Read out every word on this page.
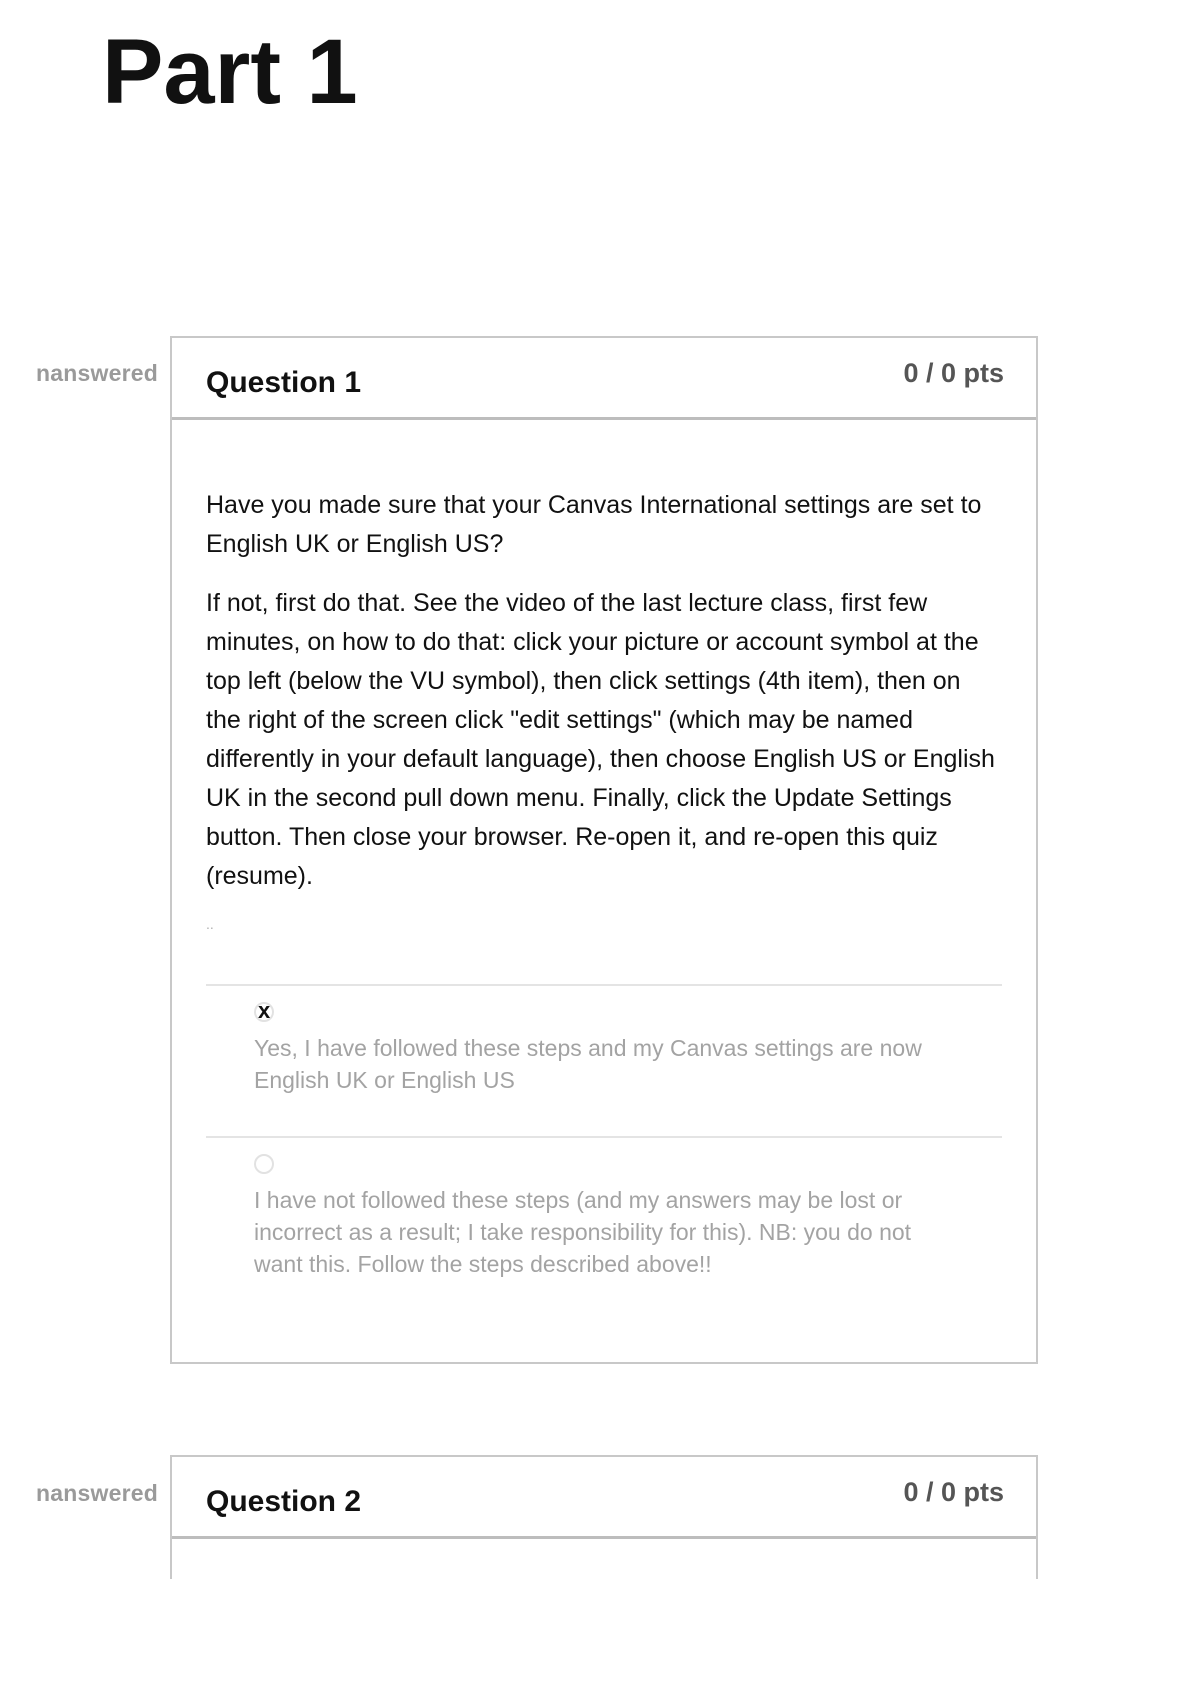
Part 1
nanswered Question 1	0 / 0 pts

Have you made sure that your Canvas International settings are set to English UK or English US?

If not, first do that. See the video of the last lecture class, first few minutes, on how to do that: click your picture or account symbol at the top left (below the VU symbol), then click settings (4th item), then on the right of the screen click "edit settings" (which may be named differently in your default language), then choose English US or English UK in the second pull down menu. Finally, click the Update Settings button. Then close your browser. Re-open it, and re-open this quiz (resume).

..
x
Yes, I have followed these steps and my Canvas settings are now English UK or English US
I have not followed these steps (and my answers may be lost or incorrect as a result; I take responsibility for this). NB: you do not want this. Follow the steps described above!!
nanswered Question 2	0 / 0 pts
